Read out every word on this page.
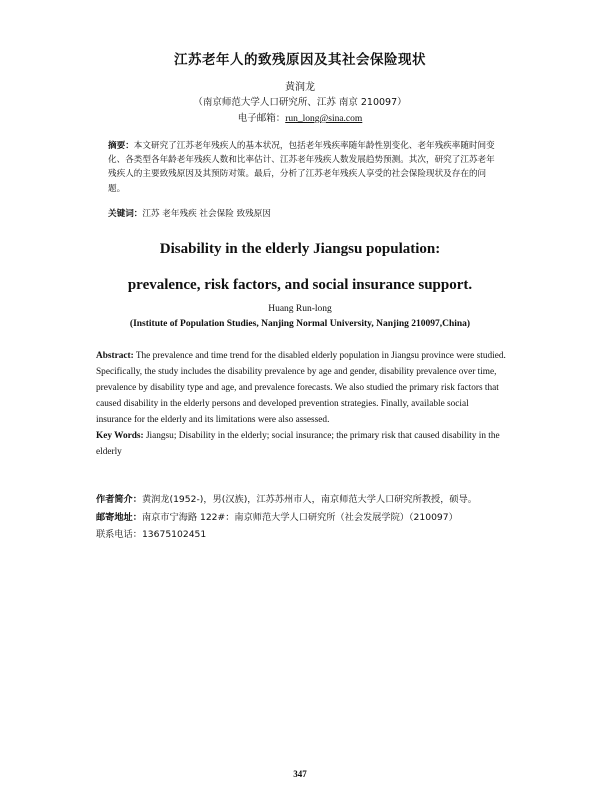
江苏老年人的致残原因及其社会保险现状
黄润龙
（南京师范大学人口研究所、江苏 南京 210097）
电子邮箱：run_long@sina.com
摘要：本文研究了江苏老年残疾人的基本状况，包括老年残疾率随年龄性别变化、老年残疾率随时间变化、各类型各年龄老年残疾人数和比率估计、江苏老年残疾人数发展趋势预测。其次，研究了江苏老年残疾人的主要致残原因及其预防对策。最后，分析了江苏老年残疾人享受的社会保险现状及存在的问题。
关键词：江苏 老年残疾 社会保险 致残原因
Disability in the elderly Jiangsu population:
prevalence, risk factors, and social insurance support.
Huang Run-long
(Institute of Population Studies, Nanjing Normal University, Nanjing 210097,China)
Abstract: The prevalence and time trend for the disabled elderly population in Jiangsu province were studied. Specifically, the study includes the disability prevalence by age and gender, disability prevalence over time, prevalence by disability type and age, and prevalence forecasts. We also studied the primary risk factors that caused disability in the elderly persons and developed prevention strategies. Finally, available social insurance for the elderly and its limitations were also assessed.
Key Words: Jiangsu; Disability in the elderly; social insurance; the primary risk that caused disability in the elderly
作者简介：黄润龙(1952-)，男(汉族)，江苏苏州市人，南京师范大学人口研究所教授，硕导。
邮寄地址：南京市宁海路 122#：南京师范大学人口研究所（社会发展学院）（210097）
联系电话：13675102451
347
